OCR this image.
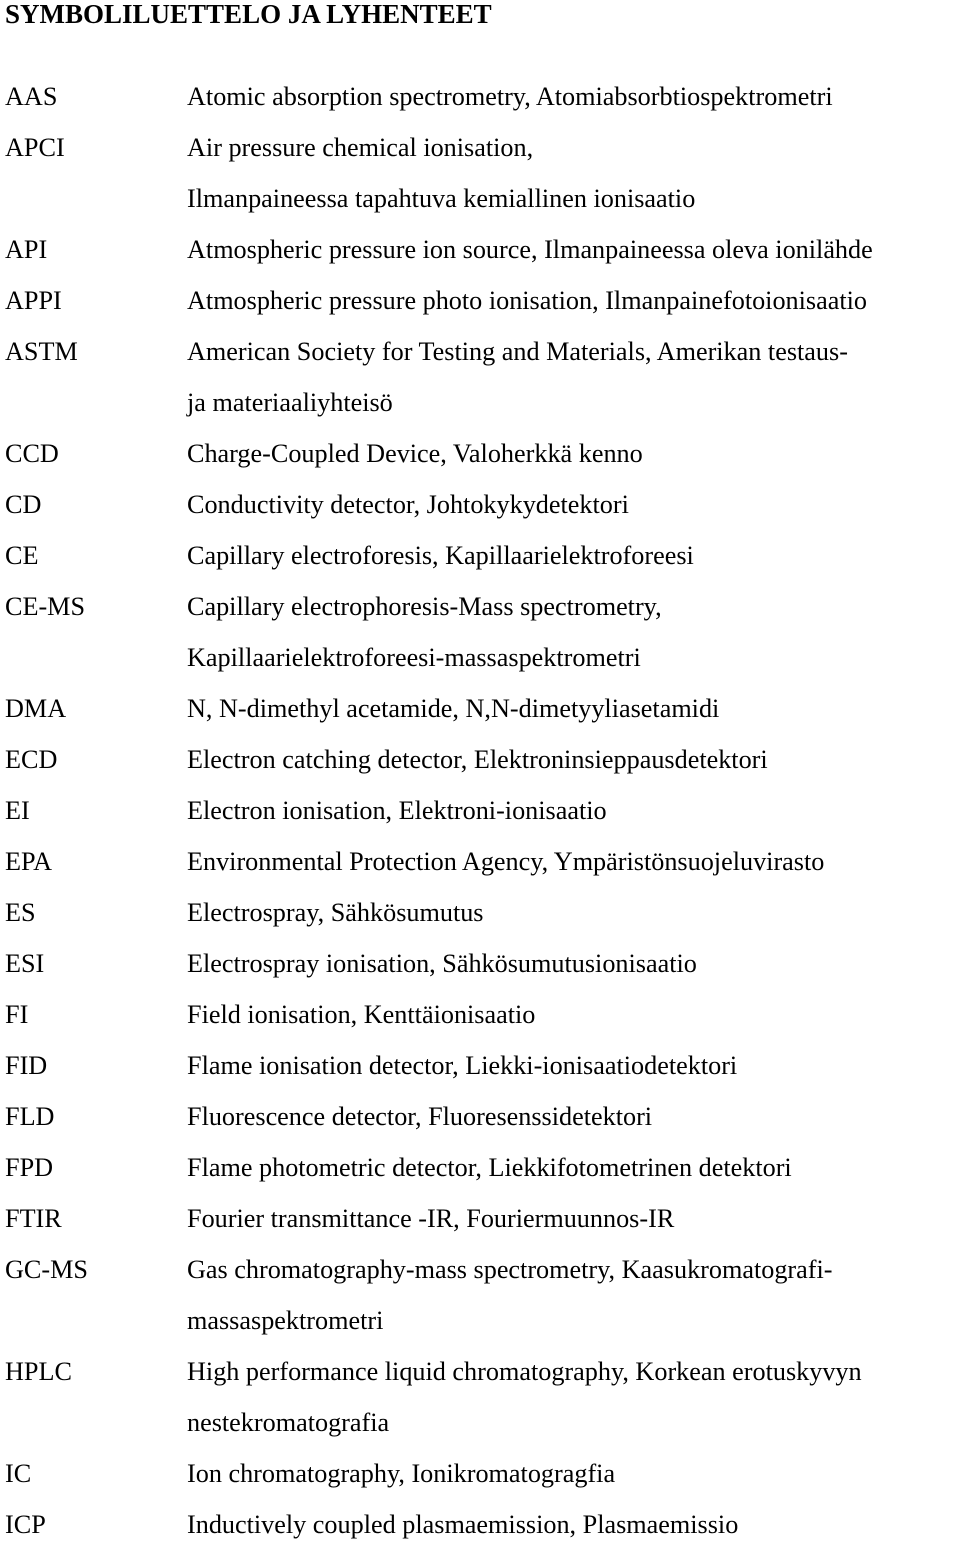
SYMBOLILUETTELO JA LYHENTEET
AAS	Atomic absorption spectrometry, Atomiabsorbtiospektrometri
APCI	Air pressure chemical ionisation,
Ilmanpaineessa tapahtuva kemiallinen ionisaatio
API	Atmospheric pressure ion source, Ilmanpaineessa oleva ionilähde
APPI	Atmospheric pressure photo ionisation, Ilmanpainefotoionisaatio
ASTM	American Society for Testing and Materials, Amerikan testaus-
ja materiaaliyhteisö
CCD	Charge-Coupled Device, Valoherkkä kenno
CD	Conductivity detector, Johtokykydetektori
CE	Capillary electroforesis, Kapillaarielektroforeesi
CE-MS	Capillary electrophoresis-Mass spectrometry,
Kapillaarielektroforeesi-massaspektrometri
DMA	N, N-dimethyl acetamide, N,N-dimetyyliasetamidi
ECD	Electron catching detector, Elektroninsieppausdetektori
EI	Electron ionisation, Elektroni-ionisaatio
EPA	Environmental Protection Agency, Ympäristönsuojeluvirasto
ES	Electrospray, Sähkösumutus
ESI	Electrospray ionisation, Sähkösumutusionisaatio
FI	Field ionisation, Kenttäionisaatio
FID	Flame ionisation detector, Liekki-ionisaatiodetektori
FLD	Fluorescence detector, Fluoresenssidetektori
FPD	Flame photometric detector, Liekkifotometrinen detektori
FTIR	Fourier transmittance -IR, Fouriermuunnos-IR
GC-MS	Gas chromatography-mass spectrometry, Kaasukromatografi-
massaspektrometri
HPLC	High performance liquid chromatography, Korkean erotuskyvyn
nestekromatografia
IC	Ion chromatography, Ionikromatogragfia
ICP	Inductively coupled plasmaemission, Plasmaemissio
